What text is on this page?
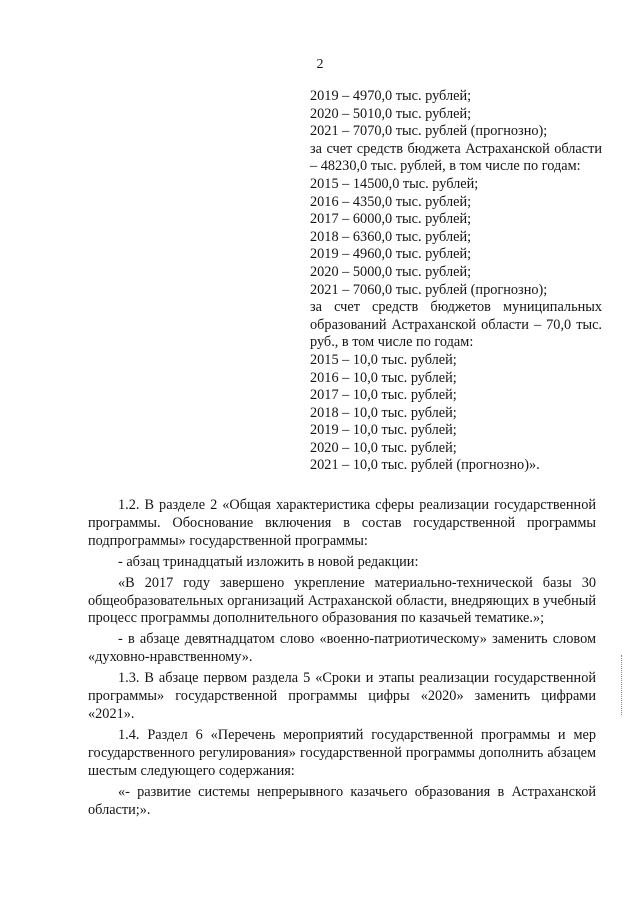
2
2019 – 4970,0 тыс. рублей;
2020 – 5010,0 тыс. рублей;
2021 – 7070,0 тыс. рублей (прогнозно);
за счет средств бюджета Астраханской области – 48230,0 тыс. рублей, в том числе по годам:
2015 – 14500,0 тыс. рублей;
2016 – 4350,0 тыс. рублей;
2017 – 6000,0 тыс. рублей;
2018 – 6360,0 тыс. рублей;
2019 – 4960,0 тыс. рублей;
2020 – 5000,0 тыс. рублей;
2021 – 7060,0 тыс. рублей (прогнозно);
за счет средств бюджетов муниципальных образований Астраханской области – 70,0 тыс. руб., в том числе по годам:
2015 – 10,0 тыс. рублей;
2016 – 10,0 тыс. рублей;
2017 – 10,0 тыс. рублей;
2018 – 10,0 тыс. рублей;
2019 – 10,0 тыс. рублей;
2020 – 10,0 тыс. рублей;
2021 – 10,0 тыс. рублей (прогнозно)».

1.2. В разделе 2 «Общая характеристика сферы реализации государственной программы. Обоснование включения в состав государственной программы подпрограммы» государственной программы:

- абзац тринадцатый изложить в новой редакции:

«В 2017 году завершено укрепление материально-технической базы 30 общеобразовательных организаций Астраханской области, внедряющих в учебный процесс программы дополнительного образования по казачьей тематике.»;

- в абзаце девятнадцатом слово «военно-патриотическому» заменить словом «духовно-нравственному».

1.3. В абзаце первом раздела 5 «Сроки и этапы реализации государственной программы» государственной программы цифры «2020» заменить цифрами «2021».

1.4. Раздел 6 «Перечень мероприятий государственной программы и мер государственного регулирования» государственной программы дополнить абзацем шестым следующего содержания:

«- развитие системы непрерывного казачьего образования в Астраханской области;».
